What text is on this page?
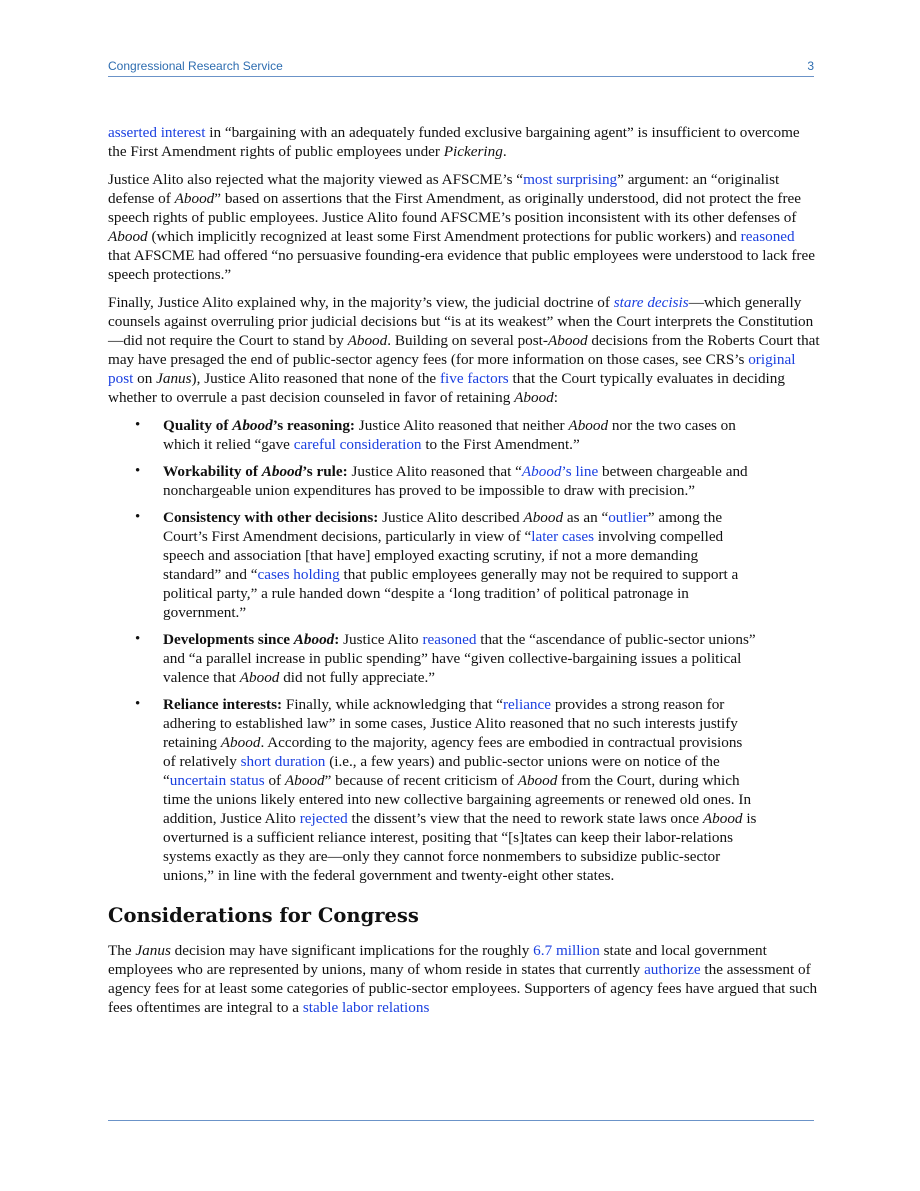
Congressional Research Service	3

asserted interest in “bargaining with an adequately funded exclusive bargaining agent” is insufficient to overcome the First Amendment rights of public employees under Pickering.

Justice Alito also rejected what the majority viewed as AFSCME’s “most surprising” argument: an “originalist defense of Abood” based on assertions that the First Amendment, as originally understood, did not protect the free speech rights of public employees. Justice Alito found AFSCME’s position inconsistent with its other defenses of Abood (which implicitly recognized at least some First Amendment protections for public workers) and reasoned that AFSCME had offered “no persuasive founding-era evidence that public employees were understood to lack free speech protections.”

Finally, Justice Alito explained why, in the majority’s view, the judicial doctrine of stare decisis—which generally counsels against overruling prior judicial decisions but “is at its weakest” when the Court interprets the Constitution—did not require the Court to stand by Abood. Building on several post-Abood decisions from the Roberts Court that may have presaged the end of public-sector agency fees (for more information on those cases, see CRS’s original post on Janus), Justice Alito reasoned that none of the five factors that the Court typically evaluates in deciding whether to overrule a past decision counseled in favor of retaining Abood:

• Quality of Abood’s reasoning: Justice Alito reasoned that neither Abood nor the two cases on which it relied “gave careful consideration to the First Amendment.”
• Workability of Abood’s rule: Justice Alito reasoned that “Abood’s line between chargeable and nonchargeable union expenditures has proved to be impossible to draw with precision.”
• Consistency with other decisions: Justice Alito described Abood as an “outlier” among the Court’s First Amendment decisions, particularly in view of “later cases involving compelled speech and association [that have] employed exacting scrutiny, if not a more demanding standard” and “cases holding that public employees generally may not be required to support a political party,” a rule handed down “despite a ‘long tradition’ of political patronage in government.”
• Developments since Abood: Justice Alito reasoned that the “ascendance of public-sector unions” and “a parallel increase in public spending” have “given collective-bargaining issues a political valence that Abood did not fully appreciate.”
• Reliance interests: Finally, while acknowledging that “reliance provides a strong reason for adhering to established law” in some cases, Justice Alito reasoned that no such interests justify retaining Abood. According to the majority, agency fees are embodied in contractual provisions of relatively short duration (i.e., a few years) and public-sector unions were on notice of the “uncertain status of Abood” because of recent criticism of Abood from the Court, during which time the unions likely entered into new collective bargaining agreements or renewed old ones. In addition, Justice Alito rejected the dissent’s view that the need to rework state laws once Abood is overturned is a sufficient reliance interest, positing that “[s]tates can keep their labor-relations systems exactly as they are—only they cannot force nonmembers to subsidize public-sector unions,” in line with the federal government and twenty-eight other states.
Considerations for Congress

The Janus decision may have significant implications for the roughly 6.7 million state and local government employees who are represented by unions, many of whom reside in states that currently authorize the assessment of agency fees for at least some categories of public-sector employees. Supporters of agency fees have argued that such fees oftentimes are integral to a stable labor relations
